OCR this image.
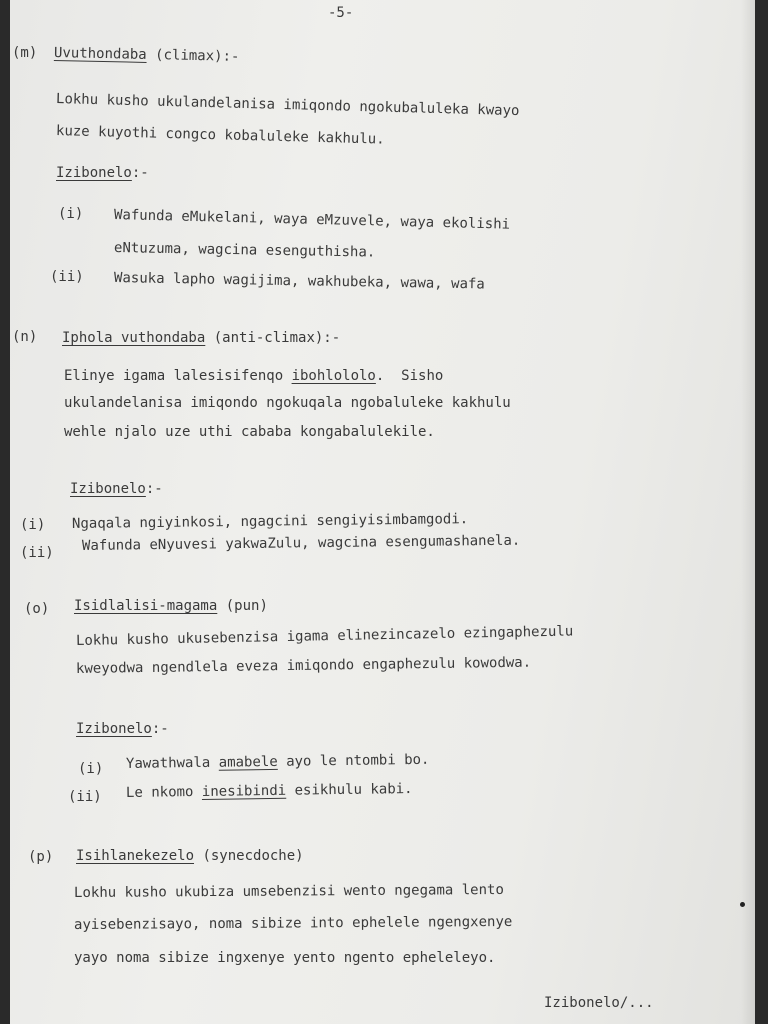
-5-
(m) Uvuthondaba (climax):-
Lokhu kusho ukulandelanisa imiqondo ngokubaluleka kwayo
kuze kuyothi congco kobaluleke kakhulu.
Izibonelo:-
(i) Wafunda eMukelani, waya eMzuvele, waya ekolishi
eNtuzuma, wagcina esenguthisha.
(ii) Wasuka lapho wagijima, wakhubeka, wawa, wafa
(n) Iphola vuthondaba (anti-climax):-
Elinye igama lalesisifenqo ibohlololo.  Sisho
ukulandelanisa imiqondo ngokuqala ngobaluleke kakhulu
wehle njalo uze uthi cababa kongabalulekile.
Izibonelo:-
(i) Ngaqala ngiyinkosi, ngagcini sengiyisimbamgodi.
(ii) Wafunda eNyuvesi yakwaZulu, wagcina esengumashanela.
(o) Isidlalisi-magama (pun)
Lokhu kusho ukusebenzisa igama elinezincazelo ezingaphezulu
kweyodwa ngendlela eveza imiqondo engaphezulu kowodwa.
Izibonelo:-
(i) Yawathwala amabele ayo le ntombi bo.
(ii) Le nkomo inesibindi esikhulu kabi.
(p) Isihlanekezelo (synecdoche)
Lokhu kusho ukubiza umsebenzisi wento ngegama lento
ayisebenzisayo, noma sibize into ephelele ngengxenye
yayo noma sibize ingxenye yento ngento epheleleyo.
Izibonelo/...
